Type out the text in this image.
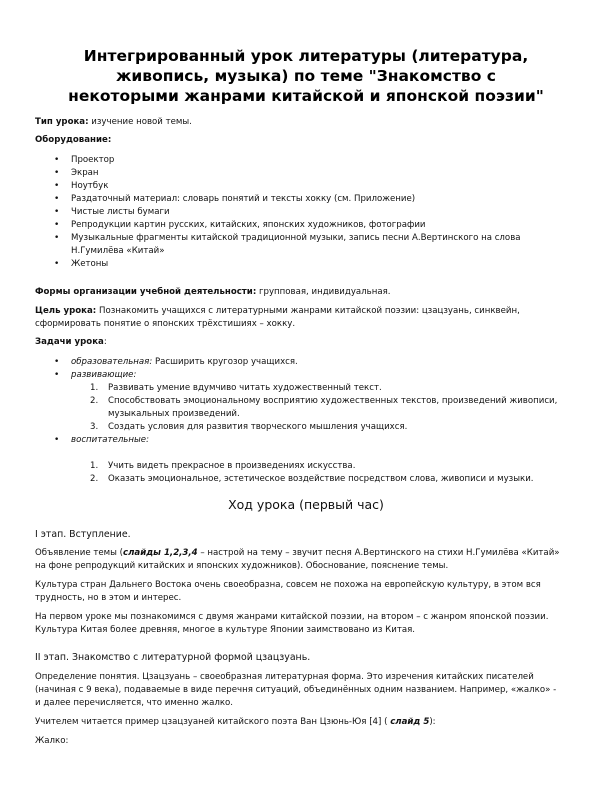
Интегрированный урок литературы (литература,
живопись, музыка) по теме "Знакомство с
некоторыми жанрами китайской и японской поэзии"
Тип урока: изучение новой темы.
Оборудование:
• Проектор
• Экран
• Ноутбук
• Раздаточный материал: словарь понятий и тексты хокку (см. Приложение)
• Чистые листы бумаги
• Репродукции картин русских, китайских, японских художников, фотографии
• Музыкальные фрагменты китайской традиционной музыки, запись песни А.Вертинского на слова
Н.Гумилёва «Китай»
• Жетоны
Формы организации учебной деятельности: групповая, индивидуальная.
Цель урока: Познакомить учащихся с литературными жанрами китайской поэзии: цзацзуань, синквейн,
сформировать понятие о японских трёхстишиях – хокку.
Задачи урока:
• образовательная: Расширить кругозор учащихся.
• развивающие:
1. Развивать умение вдумчиво читать художественный текст.
2. Способствовать эмоциональному восприятию художественных текстов, произведений живописи,
музыкальных произведений.
3. Создать условия для развития творческого мышления учащихся.
• воспитательные:
1. Учить видеть прекрасное в произведениях искусства.
2. Оказать эмоциональное, эстетическое воздействие посредством слова, живописи и музыки.
Ход урока (первый час)
I этап. Вступление.
Объявление темы (слайды 1,2,3,4 – настрой на тему – звучит песня А.Вертинского на стихи Н.Гумилёва «Китай»
на фоне репродукций китайских и японских художников). Обоснование, пояснение темы.
Культура стран Дальнего Востока очень своеобразна, совсем не похожа на европейскую культуру, в этом вся
трудность, но в этом и интерес.
На первом уроке мы познакомимся с двумя жанрами китайской поэзии, на втором – с жанром японской поэзии.
Культура Китая более древняя, многое в культуре Японии заимствовано из Китая.
II этап. Знакомство с литературной формой цзацзуань.
Определение понятия. Цзацзуань – своеобразная литературная форма. Это изречения китайских писателей
(начиная с 9 века), подаваемые в виде перечня ситуаций, объединённых одним названием. Например, «жалко» -
и далее перечисляется, что именно жалко.
Учителем читается пример цзацзуаней китайского поэта Ван Цзюнь-Юя [4] ( слайд 5):
Жалко:
